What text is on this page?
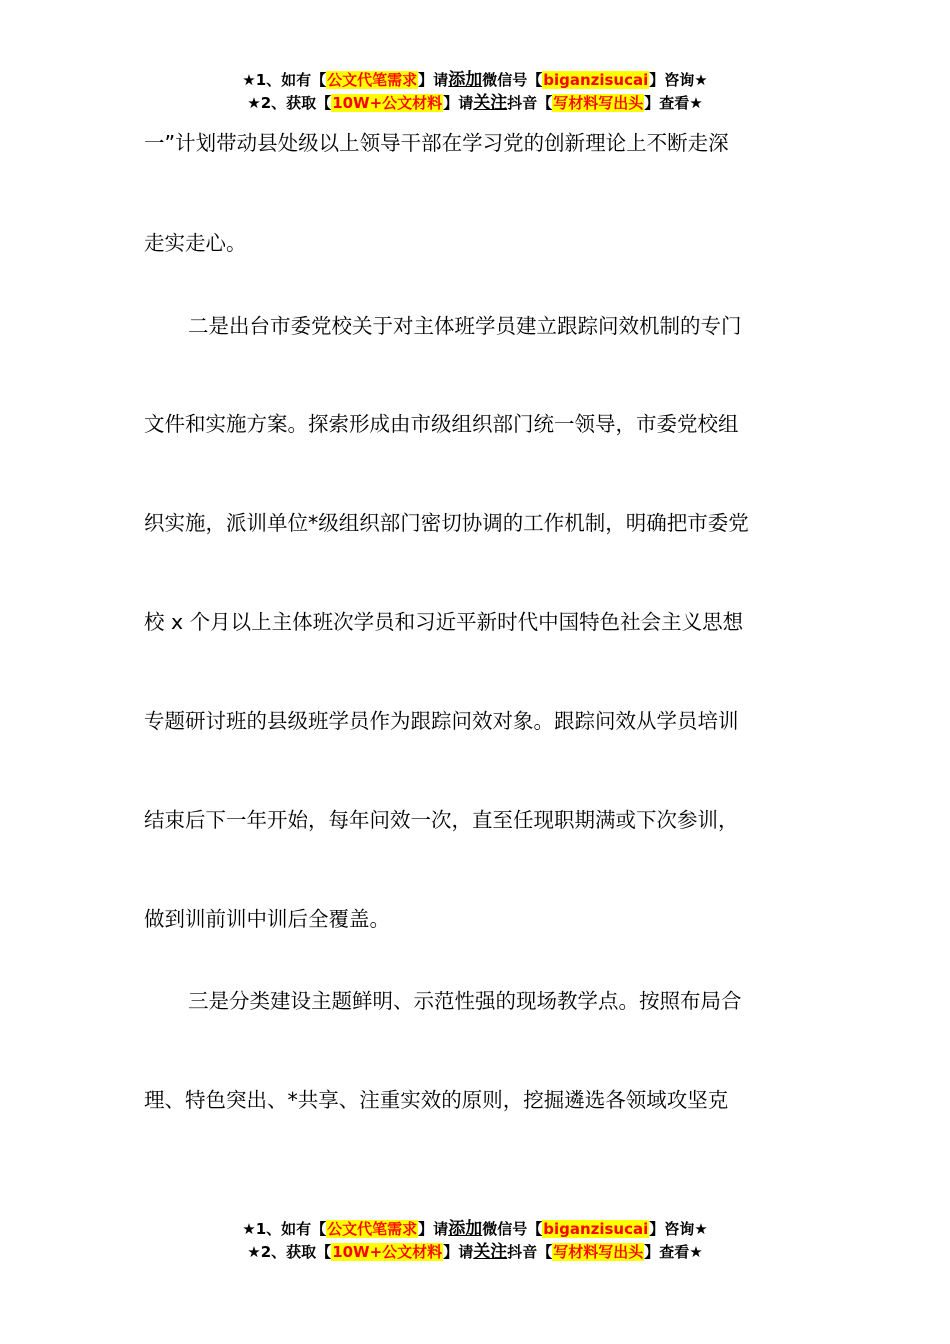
★1、如有【公文代笔需求】请添加微信号【biganzisucai】咨询★
★2、获取【10W+公文材料】请关注抖音【写材料写出头】查看★
一”计划带动县处级以上领导干部在学习党的创新理论上不断走深
走实走心。
二是出台市委党校关于对主体班学员建立跟踪问效机制的专门
文件和实施方案。探索形成由市级组织部门统一领导，市委党校组
织实施，派训单位*级组织部门密切协调的工作机制，明确把市委党
校 x 个月以上主体班次学员和习近平新时代中国特色社会主义思想
专题研讨班的县级班学员作为跟踪问效对象。跟踪问效从学员培训
结束后下一年开始，每年问效一次，直至任现职期满或下次参训，
做到训前训中训后全覆盖。
三是分类建设主题鲜明、示范性强的现场教学点。按照布局合
理、特色突出、*共享、注重实效的原则，挖掘遴选各领域攻坚克
★1、如有【公文代笔需求】请添加微信号【biganzisucai】咨询★
★2、获取【10W+公文材料】请关注抖音【写材料写出头】查看★
